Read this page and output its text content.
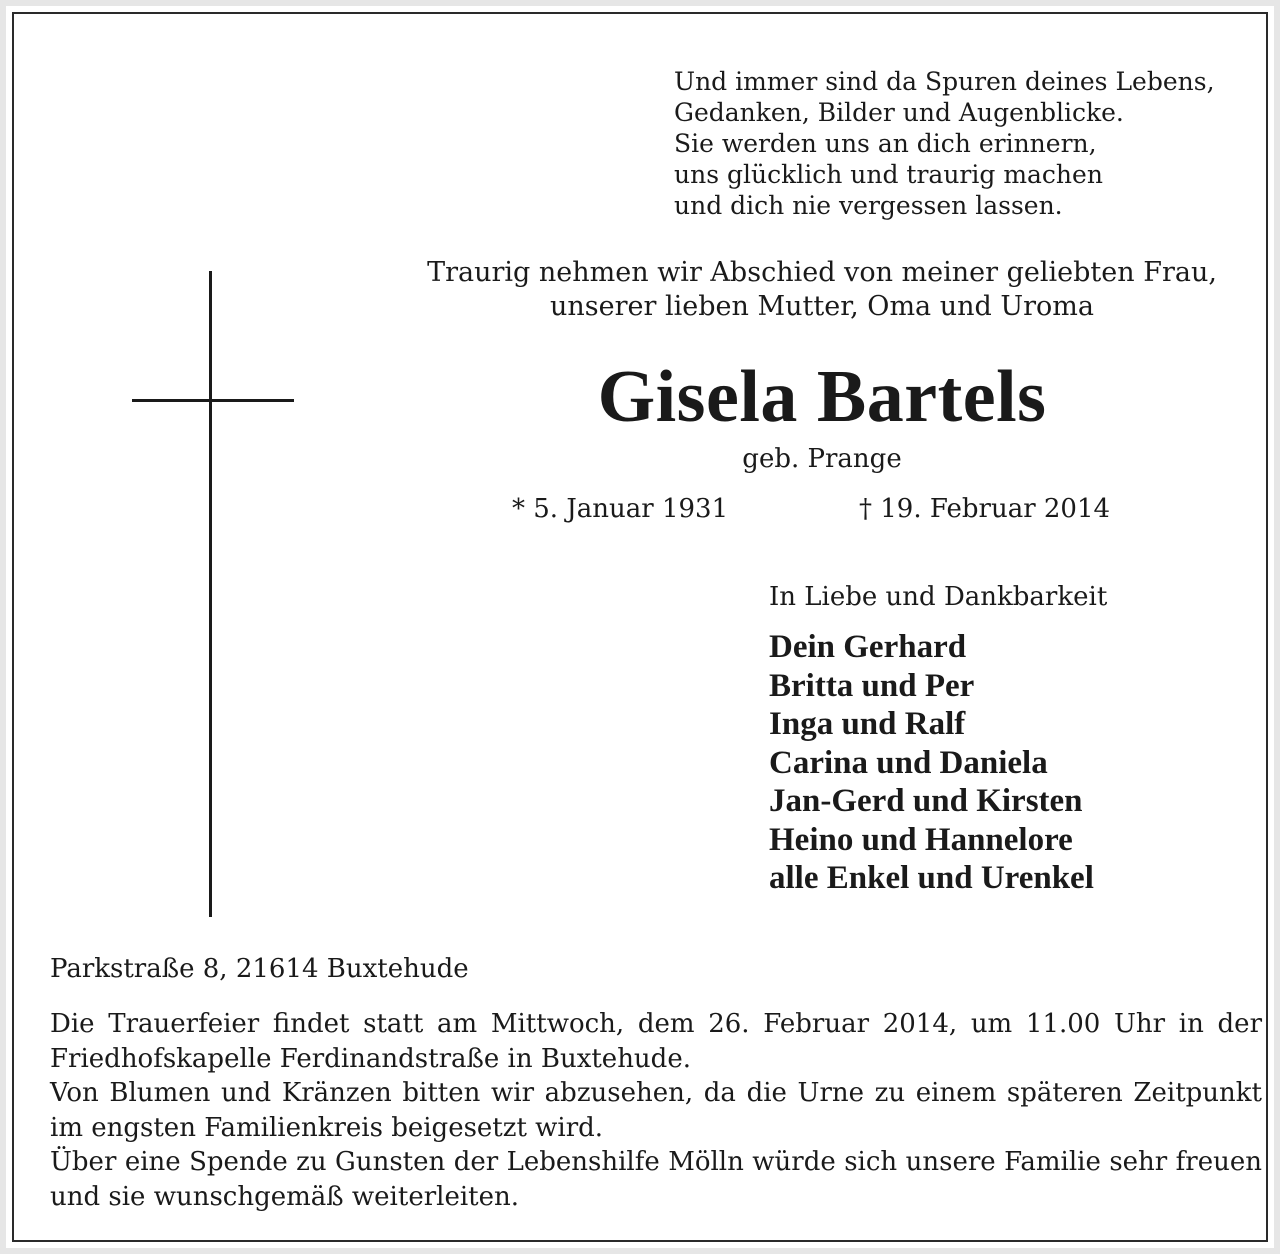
Und immer sind da Spuren deines Lebens,
Gedanken, Bilder und Augenblicke.
Sie werden uns an dich erinnern,
uns glücklich und traurig machen
und dich nie vergessen lassen.
Traurig nehmen wir Abschied von meiner geliebten Frau,
unserer lieben Mutter, Oma und Uroma
Gisela Bartels
geb. Prange
* 5. Januar 1931	† 19. Februar 2014
In Liebe und Dankbarkeit
Dein Gerhard
Britta und Per
Inga und Ralf
Carina und Daniela
Jan-Gerd und Kirsten
Heino und Hannelore
alle Enkel und Urenkel
Parkstraße 8, 21614 Buxtehude

Die Trauerfeier findet statt am Mittwoch, dem 26. Februar 2014, um 11.00 Uhr in der Friedhofskapelle Ferdinandstraße in Buxtehude.

Von Blumen und Kränzen bitten wir abzusehen, da die Urne zu einem späteren Zeitpunkt im engsten Familienkreis beigesetzt wird.

Über eine Spende zu Gunsten der Lebenshilfe Mölln würde sich unsere Familie sehr freuen und sie wunschgemäß weiterleiten.
